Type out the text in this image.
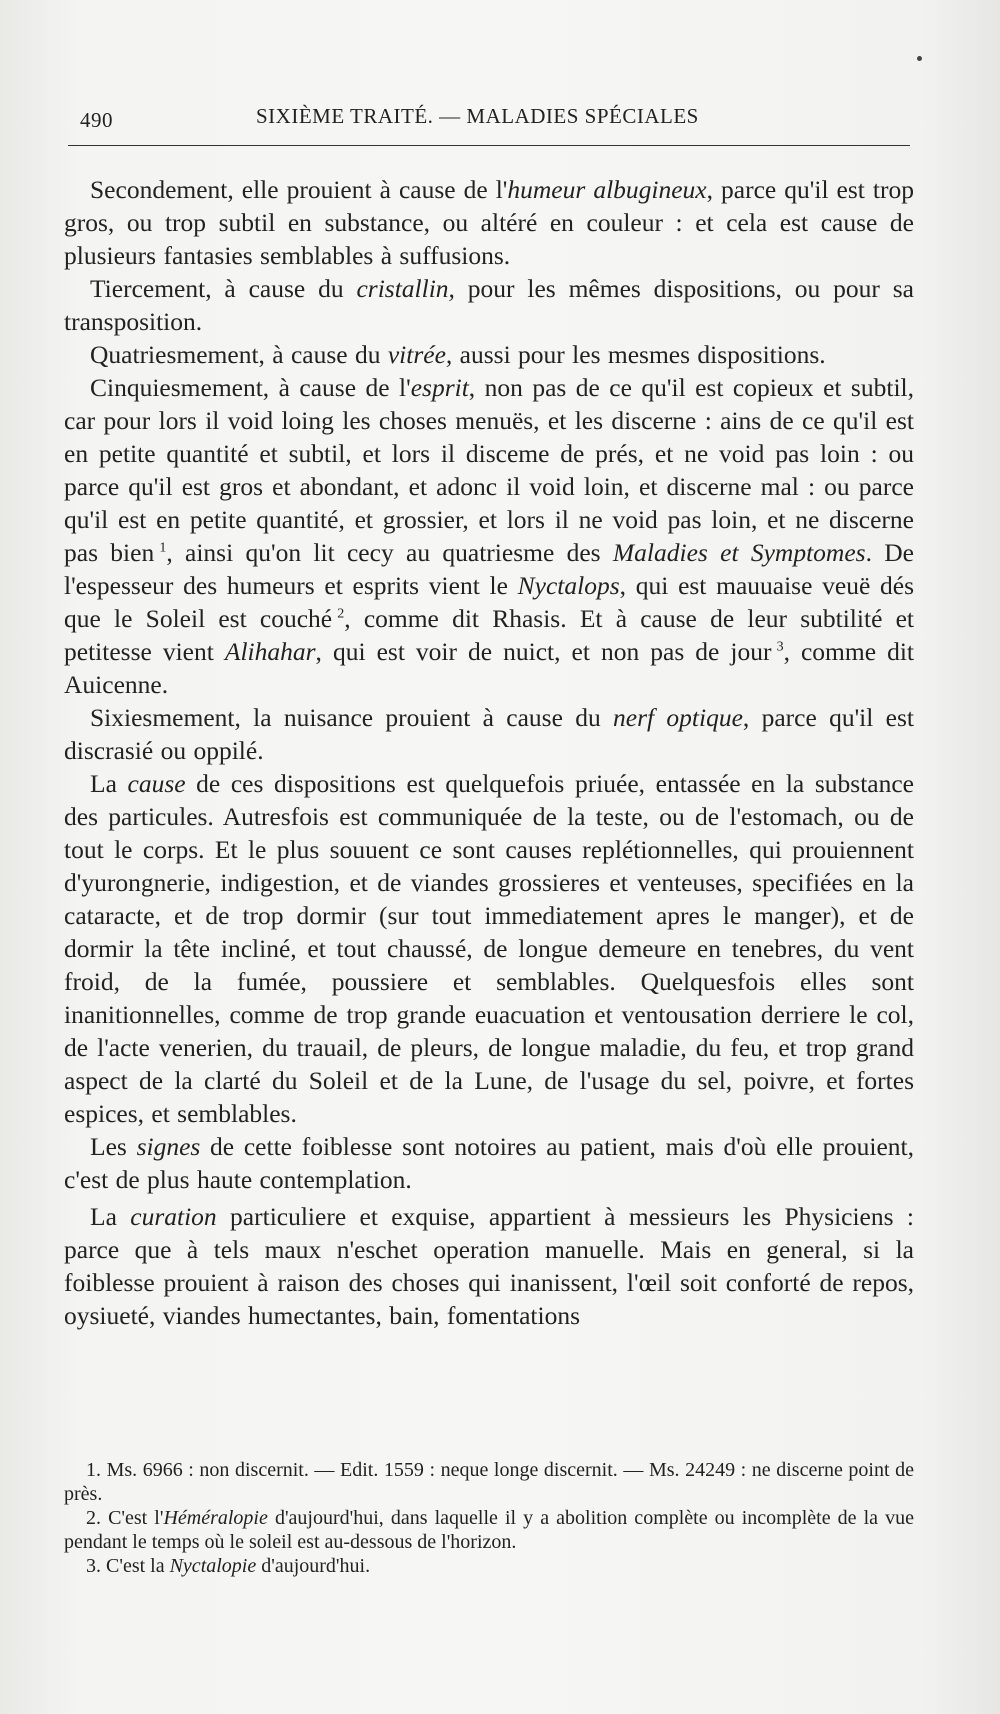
490	SIXIÈME TRAITÉ. — MALADIES SPÉCIALES

Secondement, elle prouient à cause de l'humeur albugineux, parce qu'il est trop gros, ou trop subtil en substance, ou altéré en couleur : et cela est cause de plusieurs fantasies semblables à suffusions.

Tiercement, à cause du cristallin, pour les mêmes dispositions, ou pour sa transposition.

Quatriesmement, à cause du vitrée, aussi pour les mesmes dispositions.

Cinquiesmement, à cause de l'esprit, non pas de ce qu'il est copieux et subtil, car pour lors il void loing les choses menuës, et les discerne : ains de ce qu'il est en petite quantité et subtil, et lors il disceme de prés, et ne void pas loin : ou parce qu'il est gros et abondant, et adonc il void loin, et discerne mal : ou parce qu'il est en petite quantité, et grossier, et lors il ne void pas loin, et ne discerne pas bien  $^1$, ainsi qu'on lit cecy au quatriesme des Maladies et Symptomes. De l'espesseur des humeurs et esprits vient le Nyctalops, qui est mauuaise veuë dés que le Soleil est couché  $^2$, comme dit Rhasis. Et à cause de leur subtilité et petitesse vient Alihahar, qui est voir de nuict, et non pas de jour  $^3$, comme dit Auicenne.

Sixiesmement, la nuisance prouient à cause du nerf optique, parce qu'il est discrasié ou oppilé.

La cause de ces dispositions est quelquefois priuée, entassée en la substance des particules. Autresfois est communiquée de la teste, ou de l'estomach, ou de tout le corps. Et le plus souuent ce sont causes replétionnelles, qui prouiennent d'yurongnerie, indigestion, et de viandes grossieres et venteuses, specifiées en la cataracte, et de trop dormir (sur tout immediatement apres le manger), et de dormir la tête incliné, et tout chaussé, de longue demeure en tenebres, du vent froid, de la fumée, poussiere et semblables. Quelquesfois elles sont inanitionnelles, comme de trop grande euacuation et ventousation derriere le col, de l'acte venerien, du trauail, de pleurs, de longue maladie, du feu, et trop grand aspect de la clarté du Soleil et de la Lune, de l'usage du sel, poivre, et fortes espices, et semblables.

Les signes de cette foiblesse sont notoires au patient, mais d'où elle prouient, c'est de plus haute contemplation.

La curation particuliere et exquise, appartient à messieurs les Physiciens : parce que à tels maux n'eschet operation manuelle. Mais en general, si la foiblesse prouient à raison des choses qui inanissent, l'œil soit conforté de repos, oysiueté, viandes humectantes, bain, fomentations

1. Ms. 6966 : non discernit. — Edit. 1559 : neque longe discernit. — Ms. 24249 : ne discerne point de près.

2. C'est l'Héméralopie d'aujourd'hui, dans laquelle il y a abolition complète ou incomplète de la vue pendant le temps où le soleil est au-dessous de l'horizon.

3. C'est la Nyctalopie d'aujourd'hui.
